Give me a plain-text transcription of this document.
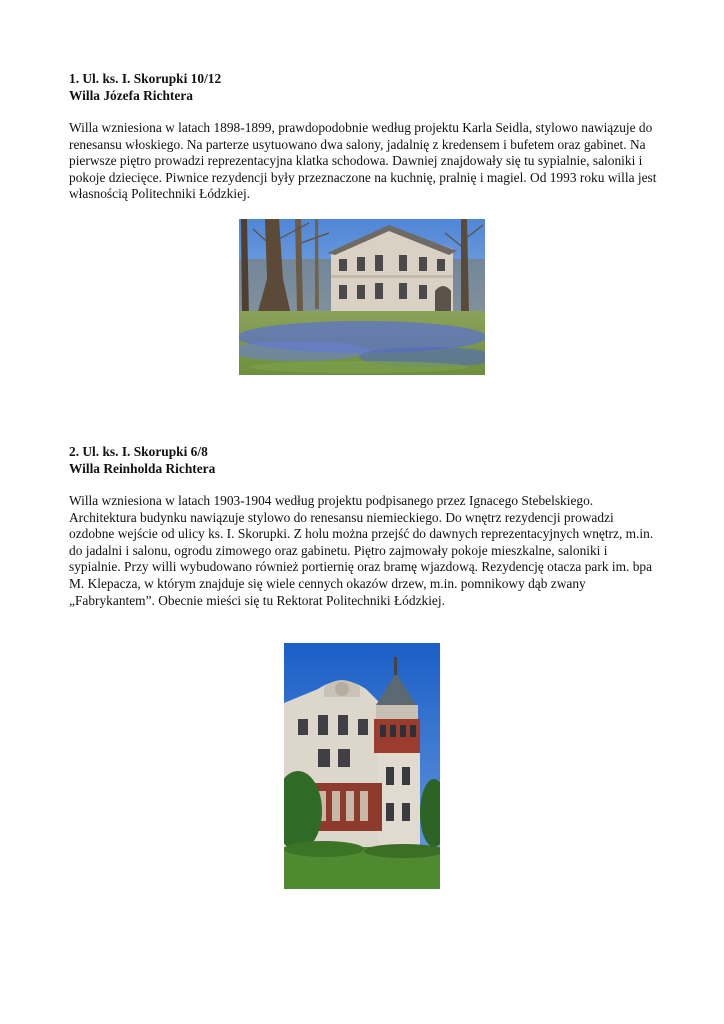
1. Ul. ks. I. Skorupki 10/12

Willa Józefa Richtera

Willa wzniesiona w latach 1898-1899, prawdopodobnie według projektu Karla Seidla, stylowo nawiązuje do renesansu włoskiego. Na parterze usytuowano dwa salony, jadalnię z kredensem i bufetem oraz gabinet. Na pierwsze piętro prowadzi reprezentacyjna klatka schodowa. Dawniej znajdowały się tu sypialnie, saloniki i pokoje dziecięce. Piwnice rezydencji były przeznaczone na kuchnię, pralnię i magiel. Od 1993 roku willa jest własnością Politechniki Łódzkiej.

2. Ul. ks. I. Skorupki 6/8

Willa Reinholda Richtera

Willa wzniesiona w latach 1903-1904 według projektu podpisanego przez Ignacego Stebelskiego. Architektura budynku nawiązuje stylowo do renesansu niemieckiego. Do wnętrz rezydencji prowadzi ozdobne wejście od ulicy ks. I. Skorupki. Z holu można przejść do dawnych reprezentacyjnych wnętrz, m.in. do jadalni i salonu, ogrodu zimowego oraz gabinetu. Piętro zajmowały pokoje mieszkalne, saloniki i sypialnie. Przy willi wybudowano również portiernię oraz bramę wjazdową. Rezydencję otacza park im. bpa M. Klepacza, w którym znajduje się wiele cennych okazów drzew, m.in. pomnikowy dąb zwany „Fabrykantem”. Obecnie mieści się tu Rektorat Politechniki Łódzkiej.
